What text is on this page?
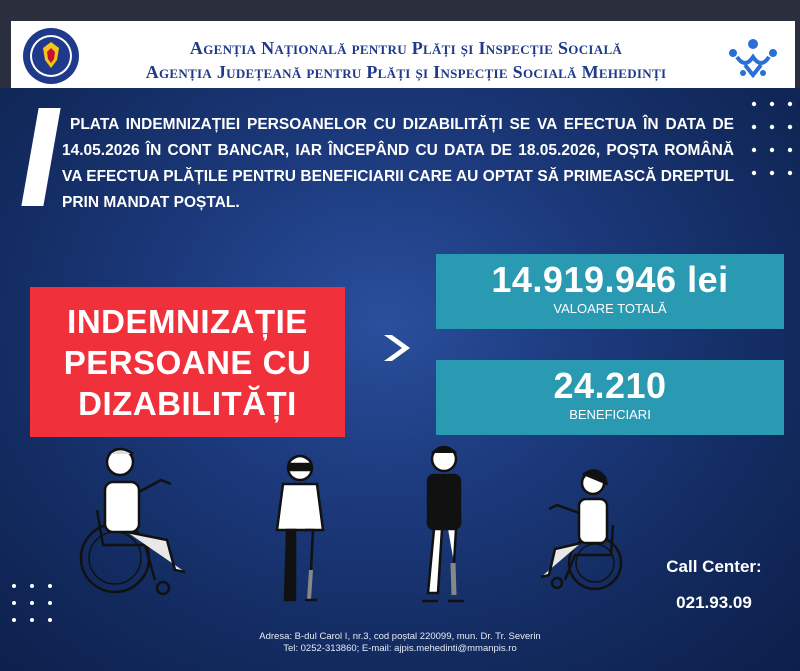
Agenția Națională pentru Plăți și Inspecție Socială
Agenția Județeană pentru Plăți și Inspecție Socială Mehedinți
PLATA INDEMNIZAȚIEI PERSOANELOR CU DIZABILITĂȚI SE VA EFECTUA ÎN DATA DE 14.05.2026 ÎN CONT BANCAR, IAR ÎNCEPÂND CU DATA DE 18.05.2026, POȘTA ROMÂNĂ VA EFECTUA PLĂȚILE PENTRU BENEFICIARII CARE AU OPTAT SĂ PRIMEASCĂ DREPTUL PRIN MANDAT POȘTAL.
INDEMNIZAȚIE
PERSOANE CU
DIZABILITĂȚI
14.919.946 lei
VALOARE TOTALĂ
24.210
BENEFICIARI
Call Center:
021.93.09
Adresa: B-dul Carol I, nr.3, cod poștal 220099, mun. Dr. Tr. Severin
Tel: 0252-313860; E-mail: ajpis.mehedinti@mmanpis.ro
